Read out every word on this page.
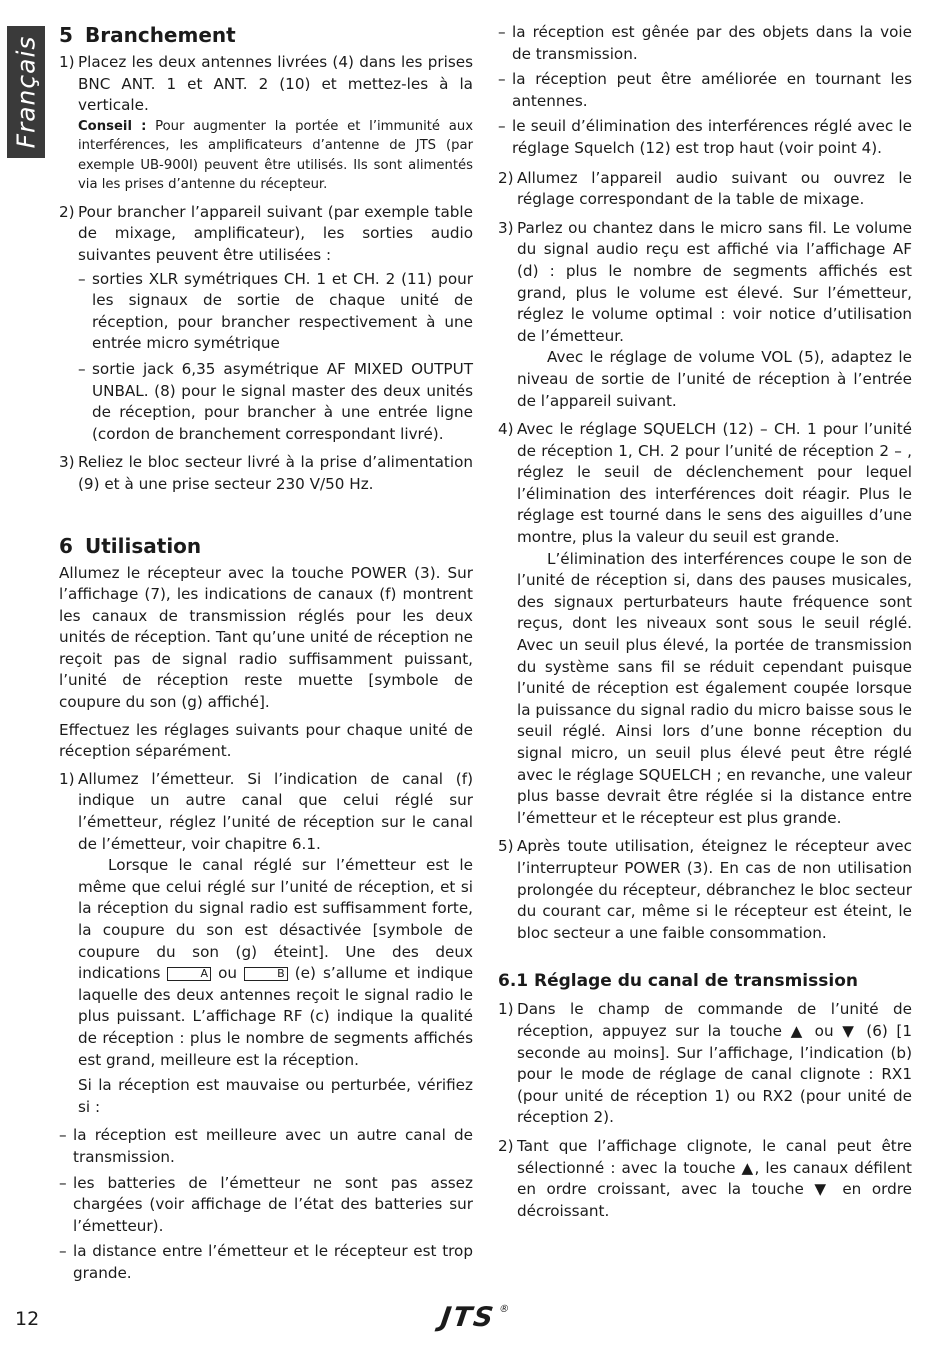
Français
5 Branchement
1) Placez les deux antennes livrées (4) dans les prises BNC ANT. 1 et ANT. 2 (10) et mettez-les à la verticale.

Conseil : Pour augmenter la portée et l’immunité aux interférences, les amplificateurs d’antenne de JTS (par exemple UB-900I) peuvent être utilisés. Ils sont alimentés via les prises d’antenne du récepteur.
2) Pour brancher l’appareil suivant (par exemple table de mixage, amplificateur), les sorties audio suivantes peuvent être utilisées :

– sorties XLR symétriques CH. 1 et CH. 2 (11) pour les signaux de sortie de chaque unité de réception, pour brancher respectivement à une entrée micro symétrique
– sortie jack 6,35 asymétrique AF MIXED OUTPUT UNBAL. (8) pour le signal master des deux unités de réception, pour brancher à une entrée ligne (cordon de branchement correspondant livré).
3) Reliez le bloc secteur livré à la prise d’alimentation (9) et à une prise secteur 230 V/50 Hz.

6 Utilisation

Allumez le récepteur avec la touche POWER (3). Sur l’affichage (7), les indications de canaux (f) montrent les canaux de transmission réglés pour les deux unités de réception. Tant qu’une unité de réception ne reçoit pas de signal radio suffisamment puissant, l’unité de réception reste muette [symbole de coupure du son (g) affiché].

Effectuez les réglages suivants pour chaque unité de réception séparément.

1) Allumez l’émetteur. Si l’indication de canal (f) indique un autre canal que celui réglé sur l’émetteur, réglez l’unité de réception sur le canal de l’émetteur, voir chapitre 6.1.

Lorsque le canal réglé sur l’émetteur est le même que celui réglé sur l’unité de réception, et si la réception du signal radio est suffisamment forte, la coupure du son est désactivée [symbole de coupure du son (g) éteint]. Une des deux indications	A ou	B (e) s’allume et indique laquelle des deux antennes reçoit le signal radio le plus puissant. L’affichage RF (c) indique la qualité de réception : plus le nombre de segments affichés est grand, meilleure est la réception.

Si la réception est mauvaise ou perturbée, vérifiez si :

– la réception est meilleure avec un autre canal de transmission.
– les batteries de l’émetteur ne sont pas assez chargées (voir affichage de l’état des batteries sur l’émetteur).
– la distance entre l’émetteur et le récepteur est trop grande.
– la réception est gênée par des objets dans la voie de transmission.
– la réception peut être améliorée en tournant les antennes.
– le seuil d’élimination des interférences réglé avec le réglage Squelch (12) est trop haut (voir point 4).
2) Allumez l’appareil audio suivant ou ouvrez le réglage correspondant de la table de mixage.

3) Parlez ou chantez dans le micro sans fil. Le volume du signal audio reçu est affiché via l’affichage AF (d) : plus le nombre de segments affichés est grand, plus le volume est élevé. Sur l’émetteur, réglez le volume optimal : voir notice d’utilisation de l’émetteur.

Avec le réglage de volume VOL (5), adaptez le niveau de sortie de l’unité de réception à l’entrée de l’appareil suivant.

4) Avec le réglage SQUELCH (12) – CH. 1 pour l’unité de réception 1, CH. 2 pour l’unité de réception 2 – , réglez le seuil de déclenchement pour lequel l’élimination des interférences doit réagir. Plus le réglage est tourné dans le sens des aiguilles d’une montre, plus la valeur du seuil est grande.

L’élimination des interférences coupe le son de l’unité de réception si, dans des pauses musicales, des signaux perturbateurs haute fréquence sont reçus, dont les niveaux sont sous le seuil réglé. Avec un seuil plus élevé, la portée de transmission du système sans fil se réduit cependant puisque l’unité de réception est également coupée lorsque la puissance du signal radio du micro baisse sous le seuil réglé. Ainsi lors d’une bonne réception du signal micro, un seuil plus élevé peut être réglé avec le réglage SQUELCH ; en revanche, une valeur plus basse devrait être réglée si la distance entre l’émetteur et le récepteur est plus grande.

5) Après toute utilisation, éteignez le récepteur avec l’interrupteur POWER (3). En cas de non utilisation prolongée du récepteur, débranchez le bloc secteur du courant car, même si le récepteur est éteint, le bloc secteur a une faible consommation.

6.1 Réglage du canal de transmission
1) Dans le champ de commande de l’unité de réception, appuyez sur la touche ▲ ou ▼ (6) [1 seconde au moins]. Sur l’affichage, l’indication (b) pour le mode de réglage de canal clignote : RX1 (pour unité de réception 1) ou RX2 (pour unité de réception 2).

2) Tant que l’affichage clignote, le canal peut être sélectionné : avec la touche ▲, les canaux défilent en ordre croissant, avec la touche ▼ en ordre décroissant.

12	JTS®
